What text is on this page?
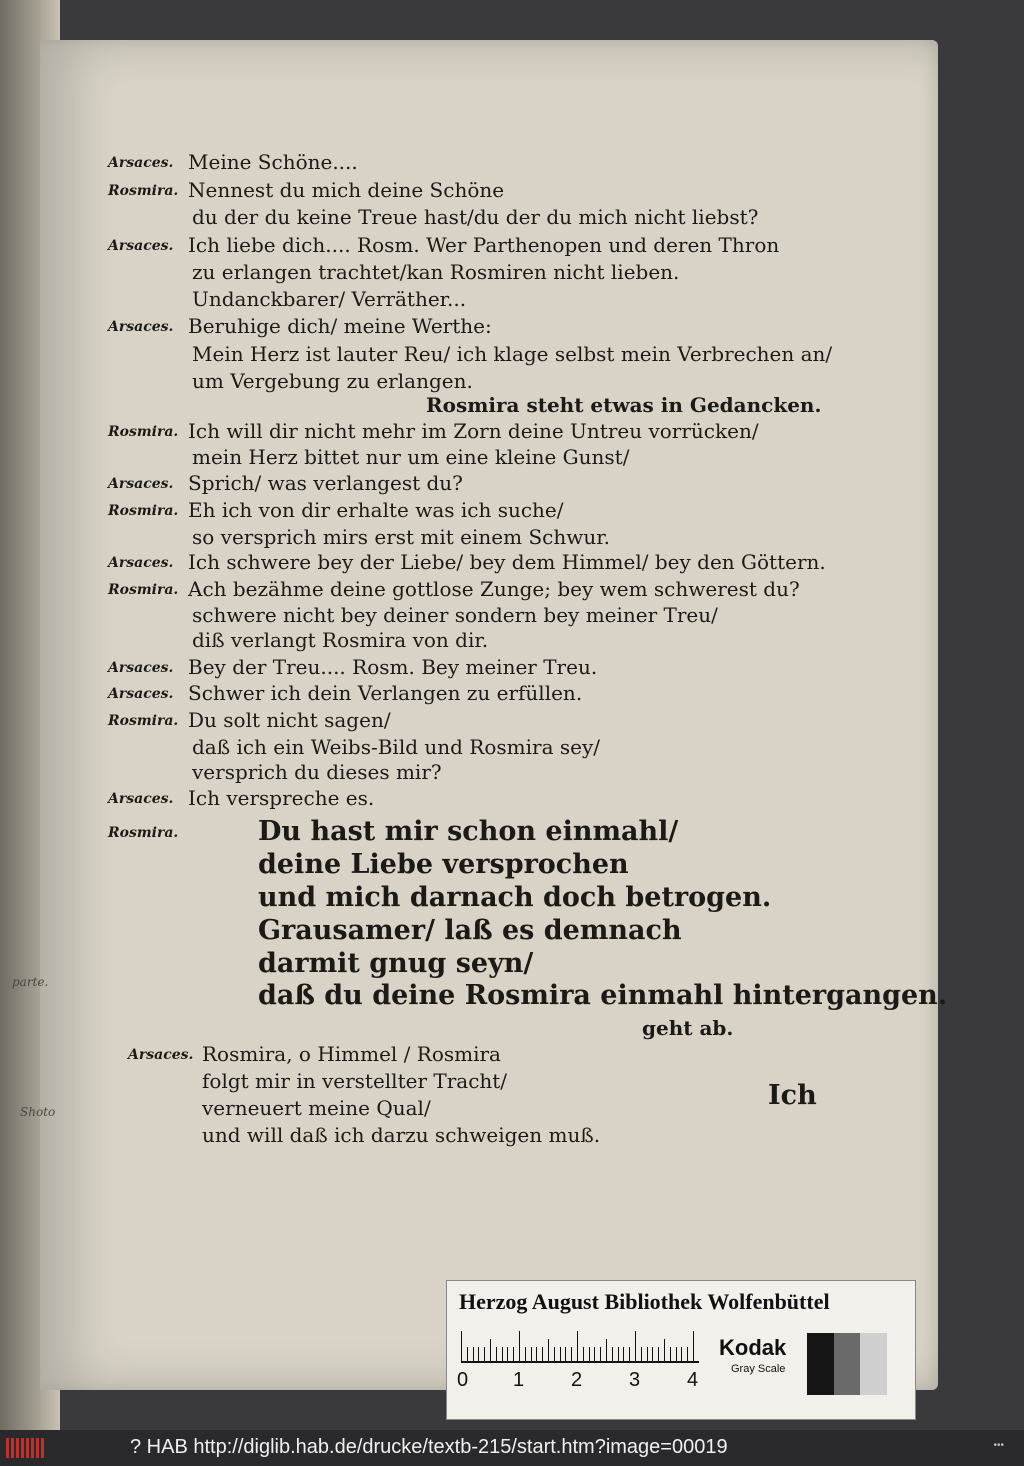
Arsaces. Meine Schöne....
Rosmira. Nennest du mich deine Schöne
du der du keine Treue hast/du der du mich nicht liebst?
Arsaces. Ich liebe dich.... Rosm. Wer Parthenopen und deren Thron
zu erlangen trachtet/kan Rosmiren nicht lieben.
Undanckbarer/ Verräther...
Arsaces. Beruhige dich/ meine Werthe:
Mein Herz ist lauter Reu/ ich klage selbst mein Verbrechen an/
um Vergebung zu erlangen.
Rosmira steht etwas in Gedancken.
Rosmira. Ich will dir nicht mehr im Zorn deine Untreu vorrücken/
mein Herz bittet nur um eine kleine Gunst/
Arsaces. Sprich/ was verlangest du?
Rosmira. Eh ich von dir erhalte was ich suche/
so versprich mirs erst mit einem Schwur.
Arsaces. Ich schwere bey der Liebe/ bey dem Himmel/ bey den Göttern.
Rosmira. Ach bezähme deine gottlose Zunge; bey wem schwerest du?
schwere nicht bey deiner sondern bey meiner Treu/
diß verlangt Rosmira von dir.
Arsaces. Bey der Treu.... Rosm. Bey meiner Treu.
Arsaces. Schwer ich dein Verlangen zu erfüllen.
Rosmira. Du solt nicht sagen/
daß ich ein Weibs-Bild und Rosmira sey/
versprich du dieses mir?
Arsaces. Ich verspreche es.
Rosmira.	Du hast mir schon einmahl/
deine Liebe versprochen
und mich darnach doch betrogen.
Grausamer/ laß es demnach
darmit gnug seyn/
daß du deine Rosmira einmahl hintergangen.
geht ab.
Arsaces. Rosmira, o Himmel / Rosmira
folgt mir in verstellter Tracht/
verneuert meine Qual/
und will daß ich darzu schweigen muß.
Ich
parte.
Shoto
Herzog August Bibliothek Wolfenbüttel
0 1 2 3 4
Kodak
Gray Scale
? HAB http://diglib.hab.de/drucke/textb-215/start.htm?image=00019	•••
